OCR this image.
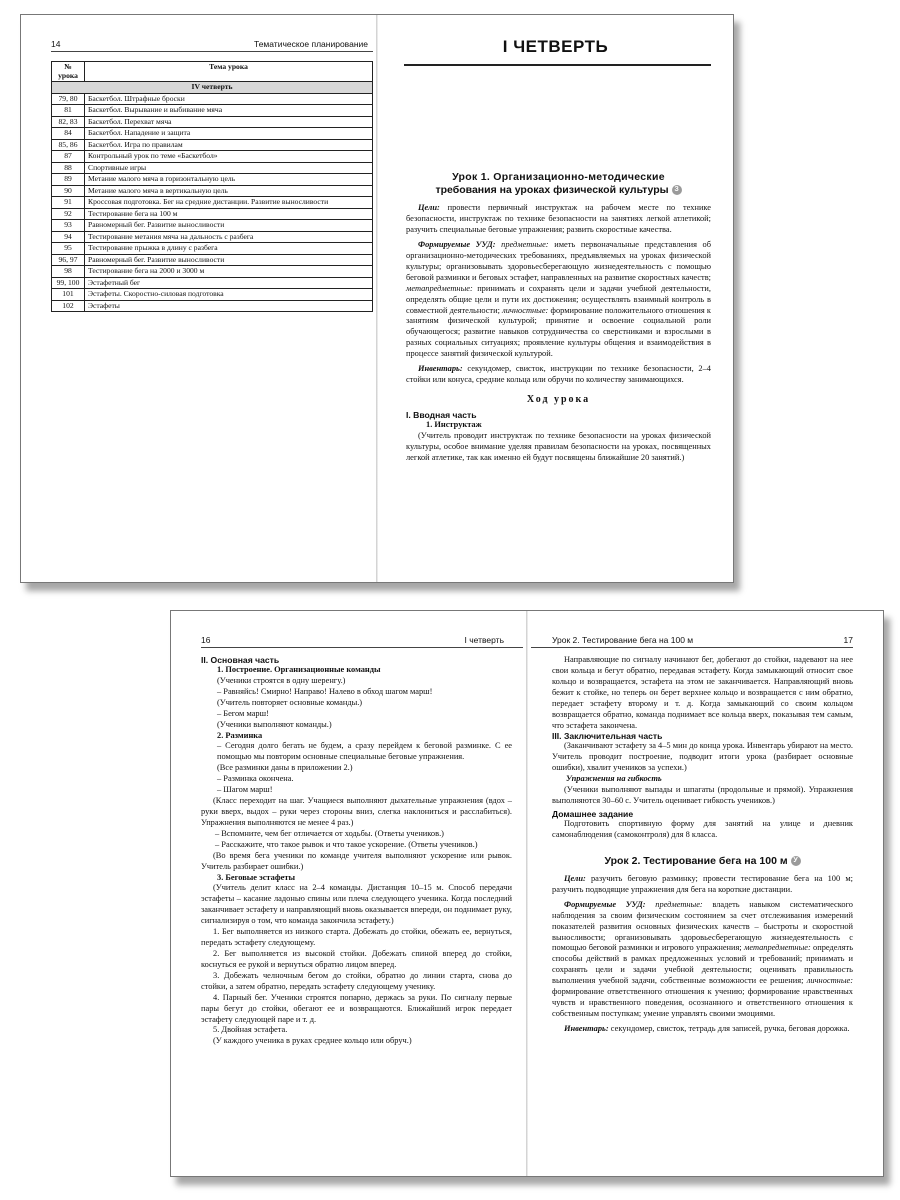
14	Тематическое планирование
№ урока	Тема урока
IV четверть	
79, 80	Баскетбол. Штрафные броски
81	Баскетбол. Вырывание и выбивание мяча
82, 83	Баскетбол. Перехват мяча
84	Баскетбол. Нападение и защита
85, 86	Баскетбол. Игра по правилам
87	Контрольный урок по теме «Баскетбол»
88	Спортивные игры
89	Метание малого мяча в горизонтальную цель
90	Метание малого мяча в вертикальную цель
91	Кроссовая подготовка. Бег на средние дистанции. Развитие выносливости
92	Тестирование бега на 100 м
93	Равномерный бег. Развитие выносливости
94	Тестирование метания мяча на дальность с разбега
95	Тестирование прыжка в длину с разбега
96, 97	Равномерный бег. Развитие выносливости
98	Тестирование бега на 2000 и 3000 м
99, 100	Эстафетный бег
101	Эстафеты. Скоростно-силовая подготовка
102	Эстафеты
I ЧЕТВЕРТЬ
Урок 1. Организационно-методические
требования на уроках физической культуры З

Цели: провести первичный инструктаж на рабочем месте по технике безопасности, инструктаж по технике безопасности на занятиях легкой атлетикой; разучить специальные беговые упражнения; развить скоростные качества.

Формируемые УУД: предметные: иметь первоначальные представления об организационно-методических требованиях, предъявляемых на уроках физической культуры; организовывать здоровьесберегающую жизнедеятельность с помощью беговой разминки и беговых эстафет, направленных на развитие скоростных качеств; метапредметные: принимать и сохранять цели и задачи учебной деятельности, определять общие цели и пути их достижения; осуществлять взаимный контроль в совместной деятельности; личностные: формирование положительного отношения к занятиям физической культурой; принятие и освоение социальной роли обучающегося; развитие навыков сотрудничества со сверстниками и взрослыми в разных социальных ситуациях; проявление культуры общения и взаимодействия в процессе занятий физической культурой.

Инвентарь: секундомер, свисток, инструкции по технике безопасности, 2–4 стойки или конуса, средние кольца или обручи по количеству занимающихся.

Ход урока
I. Вводная часть
1. Инструктаж

(Учитель проводит инструктаж по технике безопасности на уроках физической культуры, особое внимание уделяя правилам безопасности на уроках, посвященных легкой атлетике, так как именно ей будут посвящены ближайшие 20 занятий.)

16	I четверть
II. Основная часть
1. Построение. Организационные команды
(Ученики строятся в одну шеренгу.)
– Равняйсь! Смирно! Направо! Налево в обход шагом марш!
(Учитель повторяет основные команды.)
– Бегом марш!
(Ученики выполняют команды.)
2. Разминка
– Сегодня долго бегать не будем, а сразу перейдем к беговой разминке. С ее помощью мы повторим основные специальные беговые упражнения.
(Все разминки даны в приложении 2.)
– Разминка окончена.
– Шагом марш!

(Класс переходит на шаг. Учащиеся выполняют дыхательные упражнения (вдох – руки вверх, выдох – руки через стороны вниз, слегка наклониться и расслабиться). Упражнения выполняются не менее 4 раз.)

– Вспомните, чем бег отличается от ходьбы. (Ответы учеников.)
– Расскажите, что такое рывок и что такое ускорение. (Ответы учеников.)

(Во время бега ученики по команде учителя выполняют ускорение или рывок. Учитель разбирает ошибки.)

3. Беговые эстафеты

(Учитель делит класс на 2–4 команды. Дистанция 10–15 м. Способ передачи эстафеты – касание ладонью спины или плеча следующего ученика. Когда последний заканчивает эстафету и направляющий вновь оказывается впереди, он поднимает руку, сигнализируя о том, что команда закончила эстафету.)

1. Бег выполняется из низкого старта. Добежать до стойки, обежать ее, вернуться, передать эстафету следующему.

2. Бег выполняется из высокой стойки. Добежать спиной вперед до стойки, коснуться ее рукой и вернуться обратно лицом вперед.

3. Добежать челночным бегом до стойки, обратно до линии старта, снова до стойки, а затем обратно, передать эстафету следующему ученику.

4. Парный бег. Ученики строятся попарно, держась за руки. По сигналу первые пары бегут до стойки, обегают ее и возвращаются. Ближайший игрок передает эстафету следующей паре и т. д.

5. Двойная эстафета.

(У каждого ученика в руках среднее кольцо или обруч.)

Урок 2. Тестирование бега на 100 м	17

Направляющие по сигналу начинают бег, добегают до стойки, надевают на нее свои кольца и бегут обратно, передавая эстафету. Когда замыкающий относит свое кольцо и возвращается, эстафета на этом не заканчивается. Направляющий вновь бежит к стойке, но теперь он берет верхнее кольцо и возвращается с ним обратно, передает эстафету второму и т. д. Когда замыкающий со своим кольцом возвращается обратно, команда поднимает все кольца вверх, показывая тем самым, что эстафета закончена.

III. Заключительная часть

(Заканчивают эстафету за 4–5 мин до конца урока. Инвентарь убирают на место. Учитель проводит построение, подводит итоги урока (разбирает основные ошибки), хвалит учеников за успехи.)

Упражнения на гибкость

(Ученики выполняют выпады и шпагаты (продольные и прямой). Упражнения выполняются 30–60 с. Учитель оценивает гибкость учеников.)

Домашнее задание

Подготовить спортивную форму для занятий на улице и дневник самонаблюдения (самоконтроля) для 8 класса.

Урок 2. Тестирование бега на 100 м У

Цели: разучить беговую разминку; провести тестирование бега на 100 м; разучить подводящие упражнения для бега на короткие дистанции.

Формируемые УУД: предметные: владеть навыком систематического наблюдения за своим физическим состоянием за счет отслеживания измерений показателей развития основных физических качеств – быстроты и скоростной выносливости; организовывать здоровьесберегающую жизнедеятельность с помощью беговой разминки и игрового упражнения; метапредметные: определять способы действий в рамках предложенных условий и требований; принимать и сохранять цели и задачи учебной деятельности; оценивать правильность выполнения учебной задачи, собственные возможности ее решения; личностные: формирование ответственного отношения к учению; формирование нравственных чувств и нравственного поведения, осознанного и ответственного отношения к собственным поступкам; умение управлять своими эмоциями.

Инвентарь: секундомер, свисток, тетрадь для записей, ручка, беговая дорожка.
